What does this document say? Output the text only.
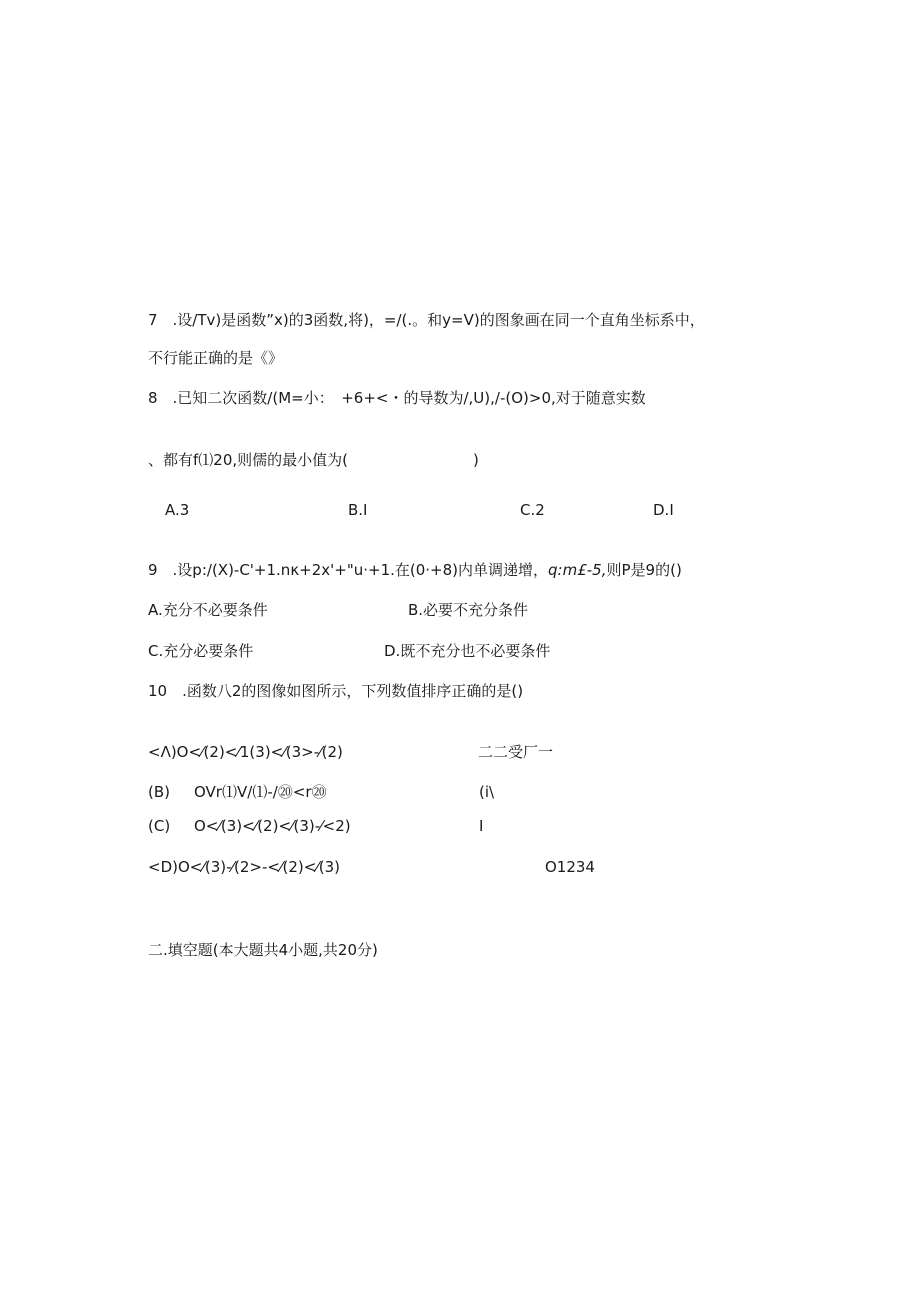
7　.设/Tv)是函数”x)的3函数,将)，=/(.。和y=V)的图象画在同一个直角坐标系中，
不行能正确的是《》
8　.已知二次函数/(M=小：　+6+<・的导数为/,U),/-(O)>0,对于随意实数
、都有f⑴20,则儒的最小值为(	)
A.3	B.I	C.2	D.I
9　.设p:/(X)-C'+1.nκ+2x'+"u·+1.在(0·+8)内单调递增，q:m£-5,则P是9的()
A.充分不必要条件	B.必要不充分条件
C.充分必要条件	D.既不充分也不必要条件
10　.函数八2的图像如图所示，下列数值排序正确的是()
<Λ)O<⁄(2)<⁄1(3)<⁄(3>-⁄(2)
(B) OVr⑴V/⑴-/⑳<r⑳
(C) O<⁄(3)<⁄(2)<⁄(3)-⁄<2)
<D)O<⁄(3)-⁄(2>-<⁄(2)<⁄(3)
二二受厂一
(i\
I
O1234
二.填空题(本大题共4小题,共20分)
